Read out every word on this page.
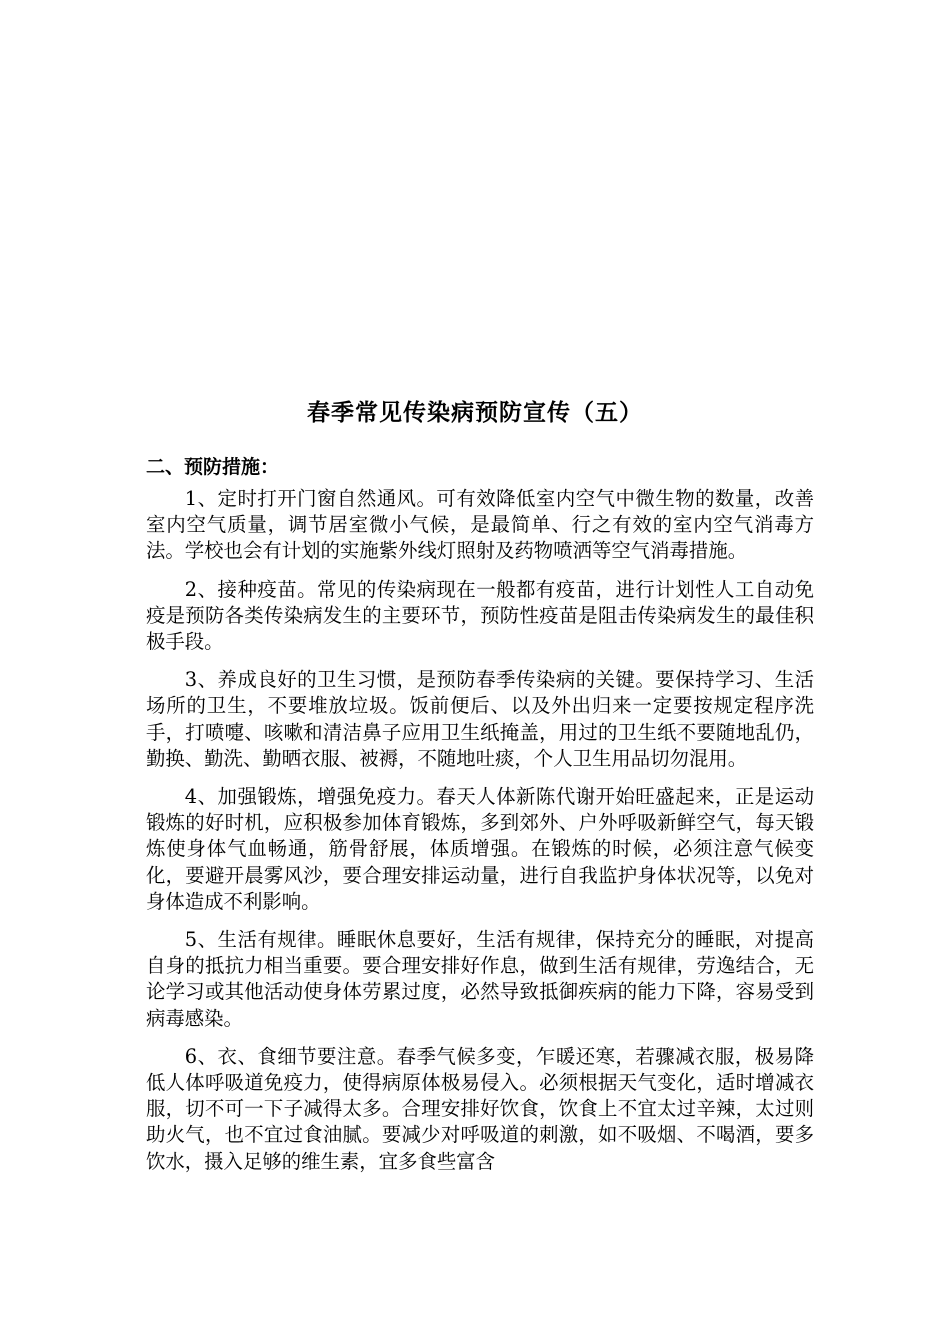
春季常见传染病预防宣传（五）
二、预防措施：

1、定时打开门窗自然通风。可有效降低室内空气中微生物的数量，改善室内空气质量，调节居室微小气候，是最简单、行之有效的室内空气消毒方法。学校也会有计划的实施紫外线灯照射及药物喷洒等空气消毒措施。

2、接种疫苗。常见的传染病现在一般都有疫苗，进行计划性人工自动免疫是预防各类传染病发生的主要环节，预防性疫苗是阻击传染病发生的最佳积极手段。

3、养成良好的卫生习惯，是预防春季传染病的关键。要保持学习、生活场所的卫生，不要堆放垃圾。饭前便后、以及外出归来一定要按规定程序洗手，打喷嚏、咳嗽和清洁鼻子应用卫生纸掩盖，用过的卫生纸不要随地乱仍，勤换、勤洗、勤晒衣服、被褥，不随地吐痰，个人卫生用品切勿混用。

4、加强锻炼，增强免疫力。春天人体新陈代谢开始旺盛起来，正是运动锻炼的好时机，应积极参加体育锻炼，多到郊外、户外呼吸新鲜空气，每天锻炼使身体气血畅通，筋骨舒展，体质增强。在锻炼的时候，必须注意气候变化，要避开晨雾风沙，要合理安排运动量，进行自我监护身体状况等，以免对身体造成不利影响。

5、生活有规律。睡眠休息要好，生活有规律，保持充分的睡眠，对提高自身的抵抗力相当重要。要合理安排好作息，做到生活有规律，劳逸结合，无论学习或其他活动使身体劳累过度，必然导致抵御疾病的能力下降，容易受到病毒感染。

6、衣、食细节要注意。春季气候多变，乍暖还寒，若骤减衣服，极易降低人体呼吸道免疫力，使得病原体极易侵入。必须根据天气变化，适时增减衣服，切不可一下子减得太多。合理安排好饮食，饮食上不宜太过辛辣，太过则助火气，也不宜过食油腻。要减少对呼吸道的刺激，如不吸烟、不喝酒，要多饮水，摄入足够的维生素，宜多食些富含
